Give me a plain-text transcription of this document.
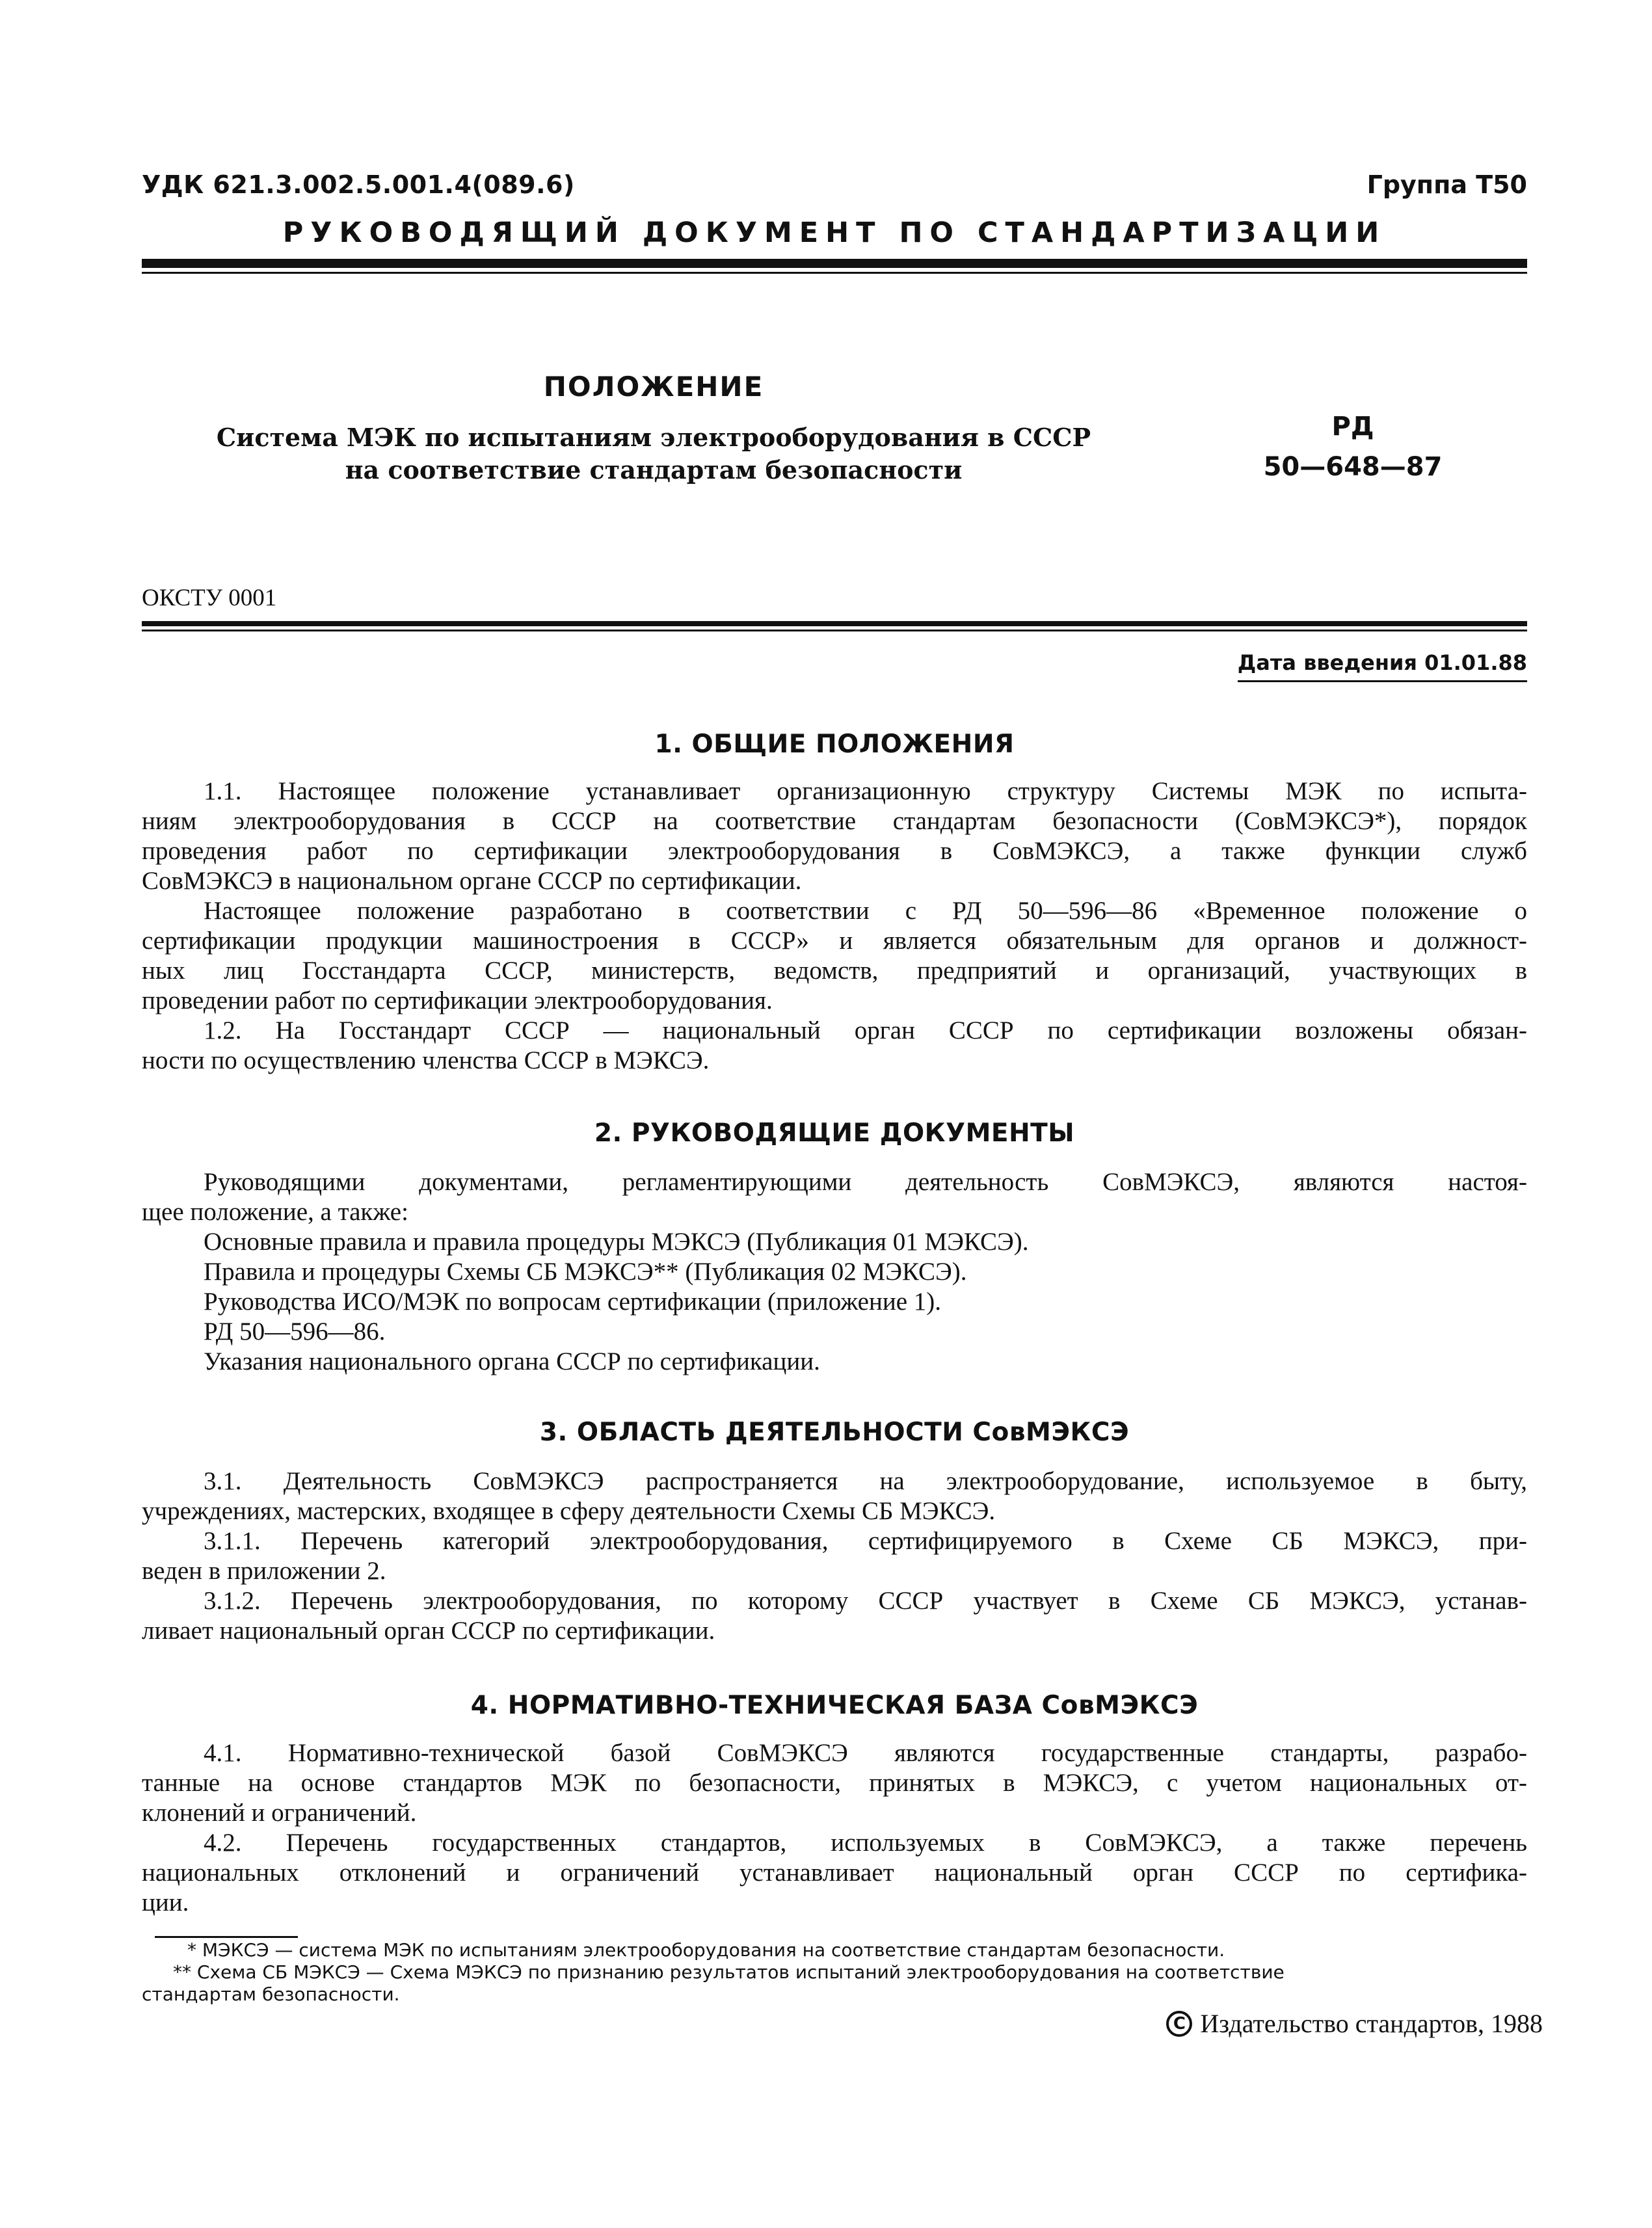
УДК 621.3.002.5.001.4(089.6)	Группа Т50
РУКОВОДЯЩИЙ ДОКУМЕНТ ПО СТАНДАРТИЗАЦИИ
ПОЛОЖЕНИЕ
Система МЭК по испытаниям электрооборудования в СССР
на соответствие стандартам безопасности
РД
50—648—87
ОКСТУ 0001
Дата введения 01.01.88
1. ОБЩИЕ ПОЛОЖЕНИЯ
1.1. Настоящее положение устанавливает организационную структуру Системы МЭК по испыта-
ниям электрооборудования в СССР на соответствие стандартам безопасности (СовМЭКСЭ*), порядок
проведения работ по сертификации электрооборудования в СовМЭКСЭ, а также функции служб
СовМЭКСЭ в национальном органе СССР по сертификации.
Настоящее положение разработано в соответствии с РД 50—596—86 «Временное положение о
сертификации продукции машиностроения в СССР» и является обязательным для органов и должност-
ных лиц Госстандарта СССР, министерств, ведомств, предприятий и организаций, участвующих в
проведении работ по сертификации электрооборудования.
1.2. На Госстандарт СССР — национальный орган СССР по сертификации возложены обязан-
ности по осуществлению членства СССР в МЭКСЭ.
2. РУКОВОДЯЩИЕ ДОКУМЕНТЫ
Руководящими документами, регламентирующими деятельность СовМЭКСЭ, являются настоя-
щее положение, а также:
Основные правила и правила процедуры МЭКСЭ (Публикация 01 МЭКСЭ).
Правила и процедуры Схемы СБ МЭКСЭ** (Публикация 02 МЭКСЭ).
Руководства ИСО/МЭК по вопросам сертификации (приложение 1).
РД 50—596—86.
Указания национального органа СССР по сертификации.
3. ОБЛАСТЬ ДЕЯТЕЛЬНОСТИ СовМЭКСЭ
3.1. Деятельность СовМЭКСЭ распространяется на электрооборудование, используемое в быту,
учреждениях, мастерских, входящее в сферу деятельности Схемы СБ МЭКСЭ.
3.1.1. Перечень категорий электрооборудования, сертифицируемого в Схеме СБ МЭКСЭ, при-
веден в приложении 2.
3.1.2. Перечень электрооборудования, по которому СССР участвует в Схеме СБ МЭКСЭ, устанав-
ливает национальный орган СССР по сертификации.
4. НОРМАТИВНО-ТЕХНИЧЕСКАЯ БАЗА СовМЭКСЭ
4.1. Нормативно-технической базой СовМЭКСЭ являются государственные стандарты, разрабо-
танные на основе стандартов МЭК по безопасности, принятых в МЭКСЭ, с учетом национальных от-
клонений и ограничений.
4.2. Перечень государственных стандартов, используемых в СовМЭКСЭ, а также перечень
национальных отклонений и ограничений устанавливает национальный орган СССР по сертифика-
ции.
* МЭКСЭ — система МЭК по испытаниям электрооборудования на соответствие стандартам безопасности.
** Схема СБ МЭКСЭ — Схема МЭКСЭ по признанию результатов испытаний электрооборудования на соответствие
стандартам безопасности.
C Издательство стандартов, 1988
